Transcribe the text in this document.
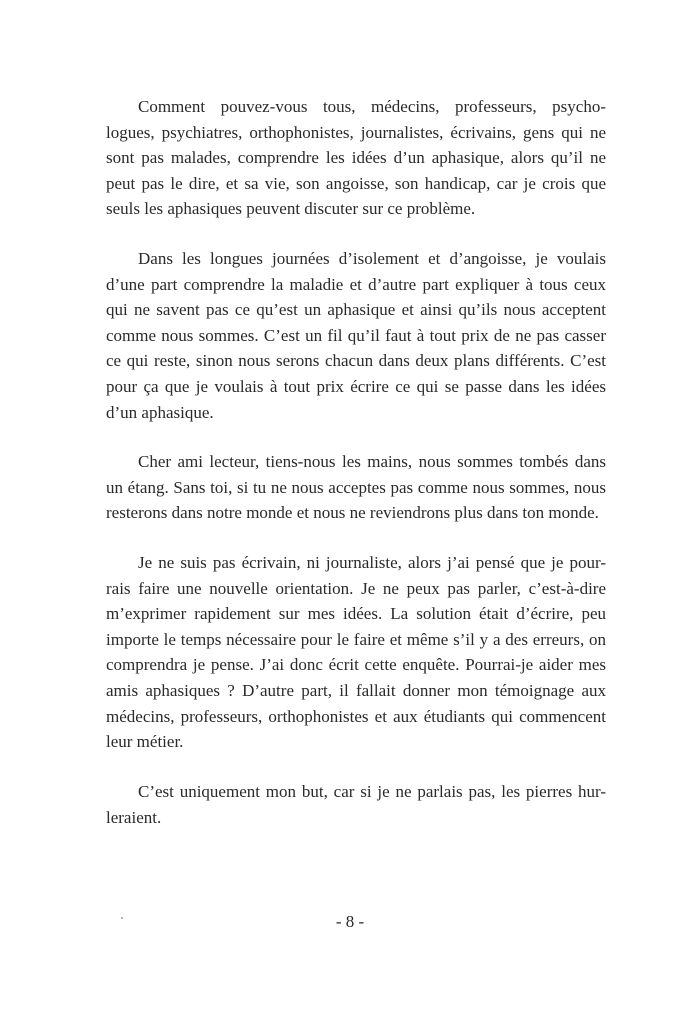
Comment pouvez-vous tous, médecins, professeurs, psycho-
logues, psychiatres, orthophonistes, journalistes, écrivains, gens qui ne
sont pas malades, comprendre les idées d’un aphasique, alors qu’il ne
peut pas le dire, et sa vie, son angoisse, son handicap, car je crois que
seuls les aphasiques peuvent discuter sur ce problème.
Dans les longues journées d’isolement et d’angoisse, je voulais
d’une part comprendre la maladie et d’autre part expliquer à tous ceux
qui ne savent pas ce qu’est un aphasique et ainsi qu’ils nous acceptent
comme nous sommes. C’est un fil qu’il faut à tout prix de ne pas casser
ce qui reste, sinon nous serons chacun dans deux plans différents. C’est
pour ça que je voulais à tout prix écrire ce qui se passe dans les idées
d’un aphasique.
Cher ami lecteur, tiens-nous les mains, nous sommes tombés dans
un étang. Sans toi, si tu ne nous acceptes pas comme nous sommes, nous
resterons dans notre monde et nous ne reviendrons plus dans ton monde.
Je ne suis pas écrivain, ni journaliste, alors j’ai pensé que je pour-
rais faire une nouvelle orientation. Je ne peux pas parler, c’est-à-dire
m’exprimer rapidement sur mes idées. La solution était d’écrire, peu
importe le temps nécessaire pour le faire et même s’il y a des erreurs, on
comprendra je pense. J’ai donc écrit cette enquête. Pourrai-je aider mes
amis aphasiques ? D’autre part, il fallait donner mon témoignage aux
médecins, professeurs, orthophonistes et aux étudiants qui commencent
leur métier.
C’est uniquement mon but, car si je ne parlais pas, les pierres hur-
leraient.
- 8 -
